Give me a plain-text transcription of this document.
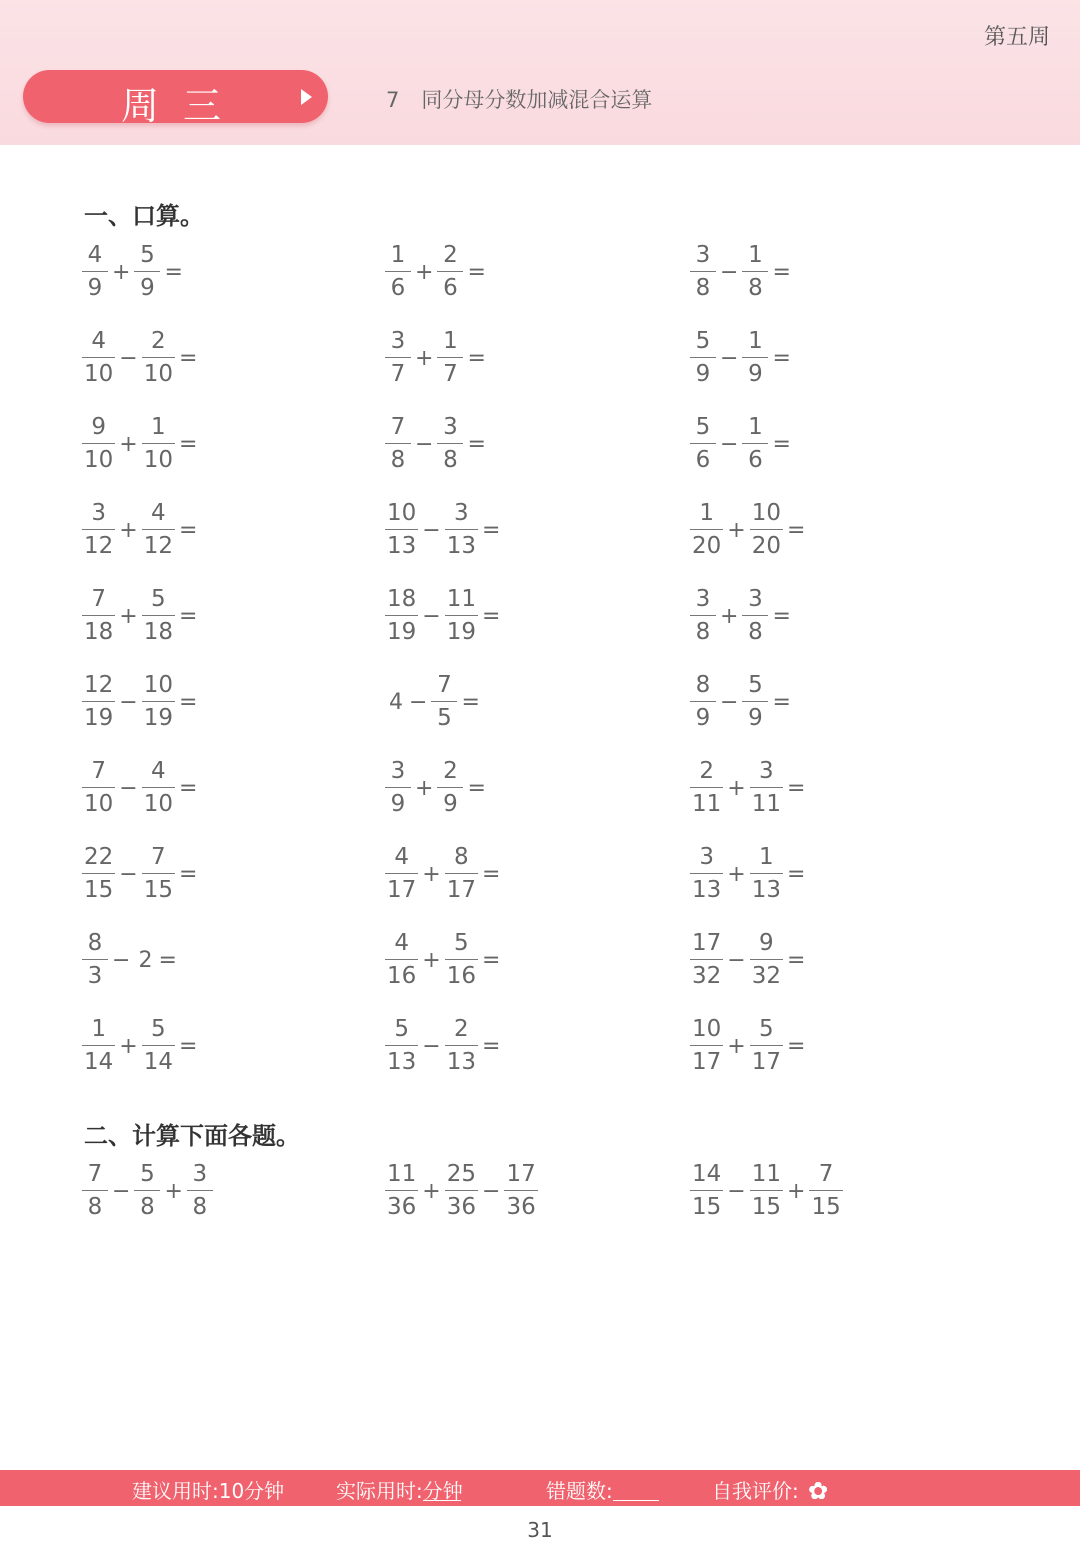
第五周
周三	7 同分母分数加减混合运算
一、口算。
$\frac{4}{9} + \frac{5}{9}$ =	$\frac{1}{6} + \frac{2}{6}$ =	$\frac{3}{8} - \frac{1}{8}$ =
$\frac{4}{10} - \frac{2}{10}$ =	$\frac{3}{7} + \frac{1}{7}$ =	$\frac{5}{9} - \frac{1}{9}$ =
$\frac{9}{10} + \frac{1}{10}$ =	$\frac{7}{8} - \frac{3}{8}$ =	$\frac{5}{6} - \frac{1}{6}$ =
$\frac{3}{12} + \frac{4}{12}$ =	$\frac{10}{13} - \frac{3}{13}$ =	$\frac{1}{20} + \frac{10}{20}$ =
$\frac{7}{18} + \frac{5}{18}$ =	$\frac{18}{19} - \frac{11}{19}$ =	$\frac{3}{8} + \frac{3}{8}$ =
$\frac{12}{19} - \frac{10}{19}$ =	$4 - \frac{7}{5}$ =	$\frac{8}{9} - \frac{5}{9}$ =
$\frac{7}{10} - \frac{4}{10}$ =	$\frac{3}{9} + \frac{2}{9}$ =	$\frac{2}{11} + \frac{3}{11}$ =
$\frac{22}{15} - \frac{7}{15}$ =	$\frac{4}{17} + \frac{8}{17}$ =	$\frac{3}{13} + \frac{1}{13}$ =
$\frac{8}{3} - 2$ =	$\frac{4}{16} + \frac{5}{16}$ =	$\frac{17}{32} - \frac{9}{32}$ =
$\frac{1}{14} + \frac{5}{14}$ =	$\frac{5}{13} - \frac{2}{13}$ =	$\frac{10}{17} + \frac{5}{17}$ =
二、计算下面各题。
$\frac{7}{8} - \frac{5}{8} + \frac{3}{8}$	$\frac{11}{36} + \frac{25}{36} - \frac{17}{36}$	$\frac{14}{15} - \frac{11}{15} + \frac{7}{15}$
建议用时:10分钟	实际用时:
分钟	错题数:	自我评价:
✿
✿
✿
✿
✿
31
